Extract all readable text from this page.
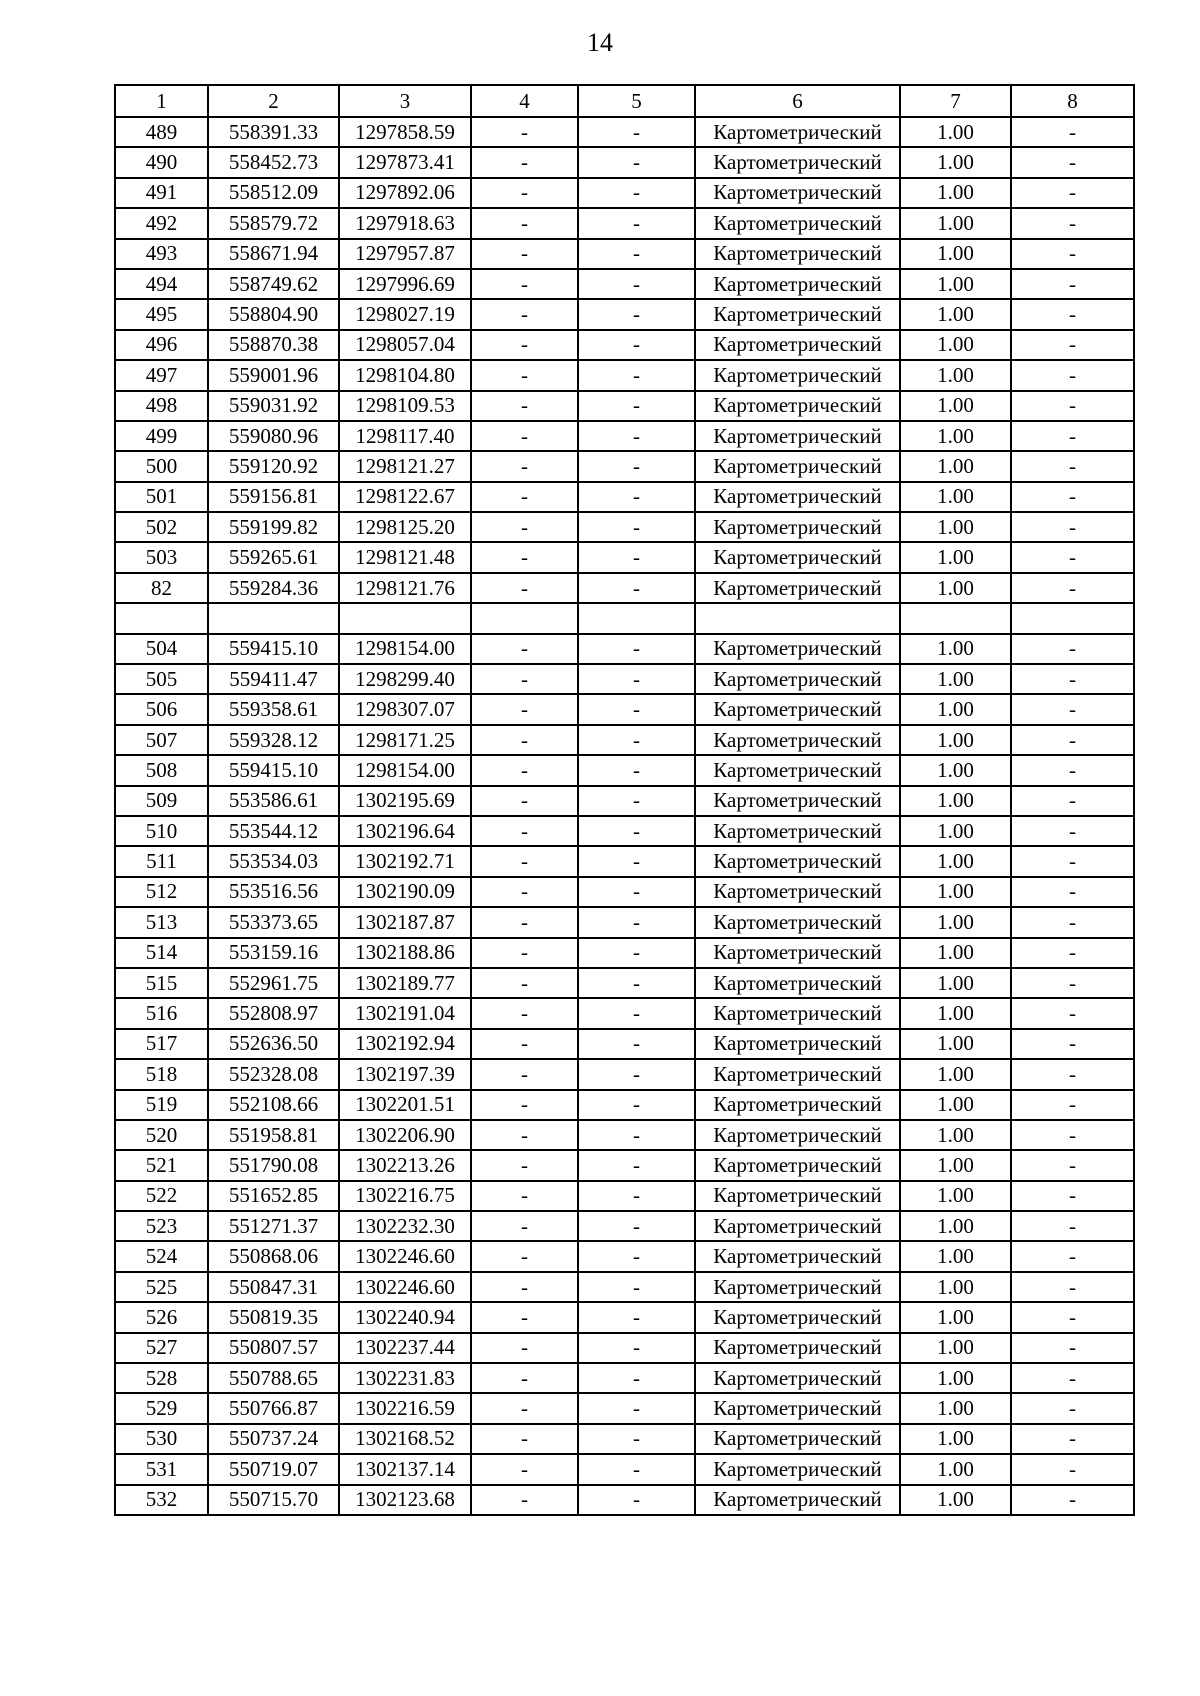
14
1	2	3	4	5	6	7	8
489	558391.33	1297858.59	-	-	Картометрический	1.00	-
490	558452.73	1297873.41	-	-	Картометрический	1.00	-
491	558512.09	1297892.06	-	-	Картометрический	1.00	-
492	558579.72	1297918.63	-	-	Картометрический	1.00	-
493	558671.94	1297957.87	-	-	Картометрический	1.00	-
494	558749.62	1297996.69	-	-	Картометрический	1.00	-
495	558804.90	1298027.19	-	-	Картометрический	1.00	-
496	558870.38	1298057.04	-	-	Картометрический	1.00	-
497	559001.96	1298104.80	-	-	Картометрический	1.00	-
498	559031.92	1298109.53	-	-	Картометрический	1.00	-
499	559080.96	1298117.40	-	-	Картометрический	1.00	-
500	559120.92	1298121.27	-	-	Картометрический	1.00	-
501	559156.81	1298122.67	-	-	Картометрический	1.00	-
502	559199.82	1298125.20	-	-	Картометрический	1.00	-
503	559265.61	1298121.48	-	-	Картометрический	1.00	-
82	559284.36	1298121.76	-	-	Картометрический	1.00	-

504	559415.10	1298154.00	-	-	Картометрический	1.00	-
505	559411.47	1298299.40	-	-	Картометрический	1.00	-
506	559358.61	1298307.07	-	-	Картометрический	1.00	-
507	559328.12	1298171.25	-	-	Картометрический	1.00	-
508	559415.10	1298154.00	-	-	Картометрический	1.00	-
509	553586.61	1302195.69	-	-	Картометрический	1.00	-
510	553544.12	1302196.64	-	-	Картометрический	1.00	-
511	553534.03	1302192.71	-	-	Картометрический	1.00	-
512	553516.56	1302190.09	-	-	Картометрический	1.00	-
513	553373.65	1302187.87	-	-	Картометрический	1.00	-
514	553159.16	1302188.86	-	-	Картометрический	1.00	-
515	552961.75	1302189.77	-	-	Картометрический	1.00	-
516	552808.97	1302191.04	-	-	Картометрический	1.00	-
517	552636.50	1302192.94	-	-	Картометрический	1.00	-
518	552328.08	1302197.39	-	-	Картометрический	1.00	-
519	552108.66	1302201.51	-	-	Картометрический	1.00	-
520	551958.81	1302206.90	-	-	Картометрический	1.00	-
521	551790.08	1302213.26	-	-	Картометрический	1.00	-
522	551652.85	1302216.75	-	-	Картометрический	1.00	-
523	551271.37	1302232.30	-	-	Картометрический	1.00	-
524	550868.06	1302246.60	-	-	Картометрический	1.00	-
525	550847.31	1302246.60	-	-	Картометрический	1.00	-
526	550819.35	1302240.94	-	-	Картометрический	1.00	-
527	550807.57	1302237.44	-	-	Картометрический	1.00	-
528	550788.65	1302231.83	-	-	Картометрический	1.00	-
529	550766.87	1302216.59	-	-	Картометрический	1.00	-
530	550737.24	1302168.52	-	-	Картометрический	1.00	-
531	550719.07	1302137.14	-	-	Картометрический	1.00	-
532	550715.70	1302123.68	-	-	Картометрический	1.00	-
